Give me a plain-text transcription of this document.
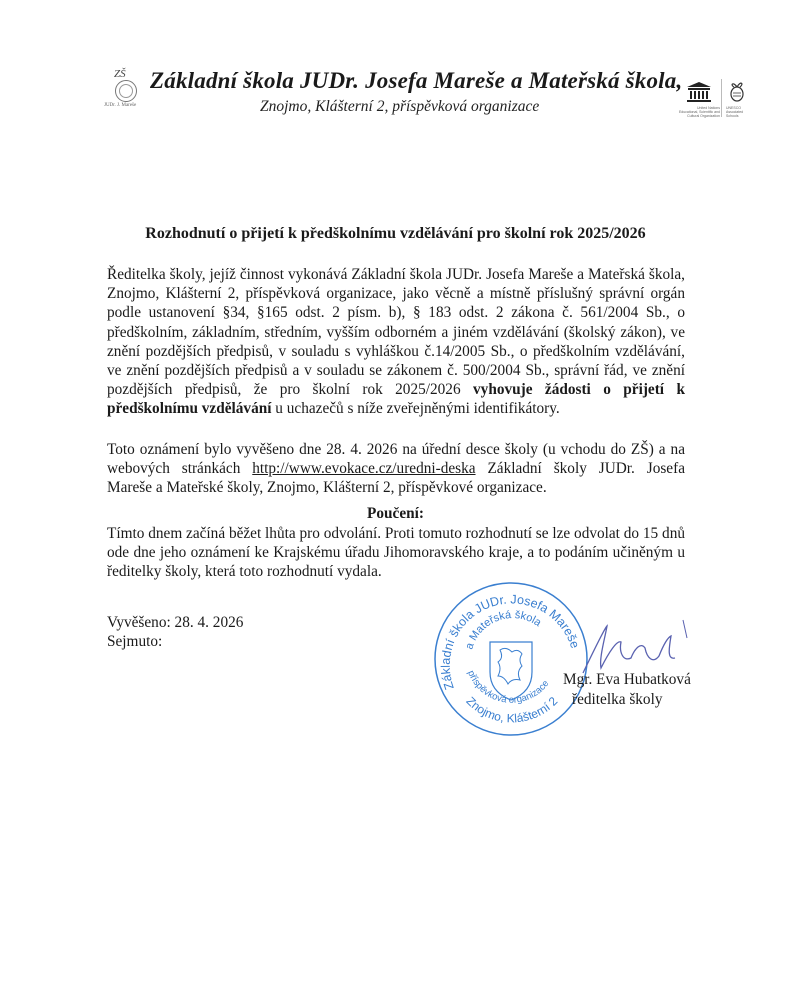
ZŠ
JUDr. J. Mareše
Základní škola JUDr. Josefa Mareše a Mateřská škola,
Znojmo, Klášterní 2, příspěvková organizace	United Nations Educational, Scientific and Cultural Organization
UNESCO Associated Schools
Rozhodnutí o přijetí k předškolnímu vzdělávání pro školní rok 2025/2026
Ředitelka školy, jejíž činnost vykonává Základní škola JUDr. Josefa Mareše a Mateřská škola, Znojmo, Klášterní 2, příspěvková organizace, jako věcně a místně příslušný správní orgán podle ustanovení §34, §165 odst. 2 písm. b), § 183 odst. 2 zákona č. 561/2004 Sb., o předškolním, základním, středním, vyšším odborném a jiném vzdělávání (školský zákon), ve znění pozdějších předpisů, v souladu s vyhláškou č.14/2005 Sb., o předškolním vzdělávání, ve znění pozdějších předpisů a v souladu se zákonem č. 500/2004 Sb., správní řád, ve znění pozdějších předpisů, že pro školní rok 2025/2026 vyhovuje žádosti o přijetí k předškolnímu vzdělávání u uchazečů s níže zveřejněnými identifikátory.
Toto oznámení bylo vyvěšeno dne 28. 4. 2026 na úřední desce školy (u vchodu do ZŠ) a na webových stránkách http://www.evokace.cz/uredni-deska Základní školy JUDr. Josefa Mareše a Mateřské školy, Znojmo, Klášterní 2, příspěvkové organizace.
Poučení:
Tímto dnem začíná běžet lhůta pro odvolání. Proti tomuto rozhodnutí se lze odvolat do 15 dnů ode dne jeho oznámení ke Krajskému úřadu Jihomoravského kraje, a to podáním učiněným u ředitelky školy, která toto rozhodnutí vydala.
Vyvěšeno: 28. 4. 2026
Sejmuto:
Základní škola JUDr. Josefa Mareše
a Mateřská škola
příspěvková organizace
Znojmo, Klášterní 2
Mgr. Eva Hubatková
ředitelka školy
